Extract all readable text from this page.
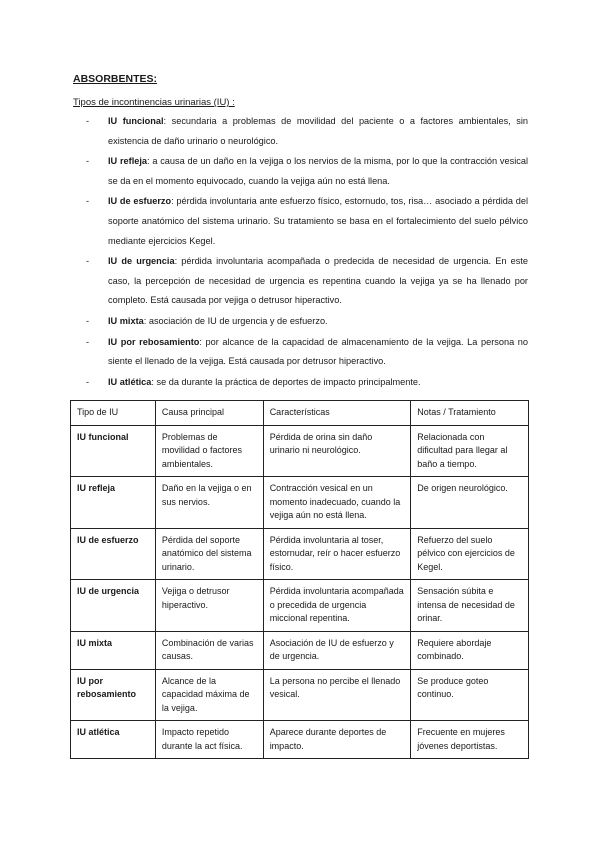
ABSORBENTES:
Tipos de incontinencias urinarias (IU) :
- IU funcional: secundaria a problemas de movilidad del paciente o a factores ambientales, sin existencia de daño urinario o neurológico.
- IU refleja: a causa de un daño en la vejiga o los nervios de la misma, por lo que la contracción vesical se da en el momento equivocado, cuando la vejiga aún no está llena.
- IU de esfuerzo: pérdida involuntaria ante esfuerzo físico, estornudo, tos, risa… asociado a pérdida del soporte anatómico del sistema urinario. Su tratamiento se basa en el fortalecimiento del suelo pélvico mediante ejercicios Kegel.
- IU de urgencia: pérdida involuntaria acompañada o predecida de necesidad de urgencia. En este caso, la percepción de necesidad de urgencia es repentina cuando la vejiga ya se ha llenado por completo. Está causada por vejiga o detrusor hiperactivo.
- IU mixta: asociación de IU de urgencia y de esfuerzo.
- IU por rebosamiento: por alcance de la capacidad de almacenamiento de la vejiga. La persona no siente el llenado de la vejiga. Está causada por detrusor hiperactivo.
- IU atlética: se da durante la práctica de deportes de impacto principalmente.
Tipo de IU	Causa principal	Características	Notas / Tratamiento
IU funcional	Problemas de movilidad o factores ambientales.	Pérdida de orina sin daño urinario ni neurológico.	Relacionada con dificultad para llegar al baño a tiempo.
IU refleja	Daño en la vejiga o en sus nervios.	Contracción vesical en un momento inadecuado, cuando la vejiga aún no está llena.	De origen neurológico.
IU de esfuerzo	Pérdida del soporte anatómico del sistema urinario.	Pérdida involuntaria al toser, estornudar, reír o hacer esfuerzo físico.	Refuerzo del suelo pélvico con ejercicios de Kegel.
IU de urgencia	Vejiga o detrusor hiperactivo.	Pérdida involuntaria acompañada o precedida de urgencia miccional repentina.	Sensación súbita e intensa de necesidad de orinar.
IU mixta	Combinación de varias causas.	Asociación de IU de esfuerzo y de urgencia.	Requiere abordaje combinado.
IU por rebosamiento	Alcance de la capacidad máxima de la vejiga.	La persona no percibe el llenado vesical.	Se produce goteo continuo.
IU atlética	Impacto repetido durante la act física.	Aparece durante deportes de impacto.	Frecuente en mujeres jóvenes deportistas.
